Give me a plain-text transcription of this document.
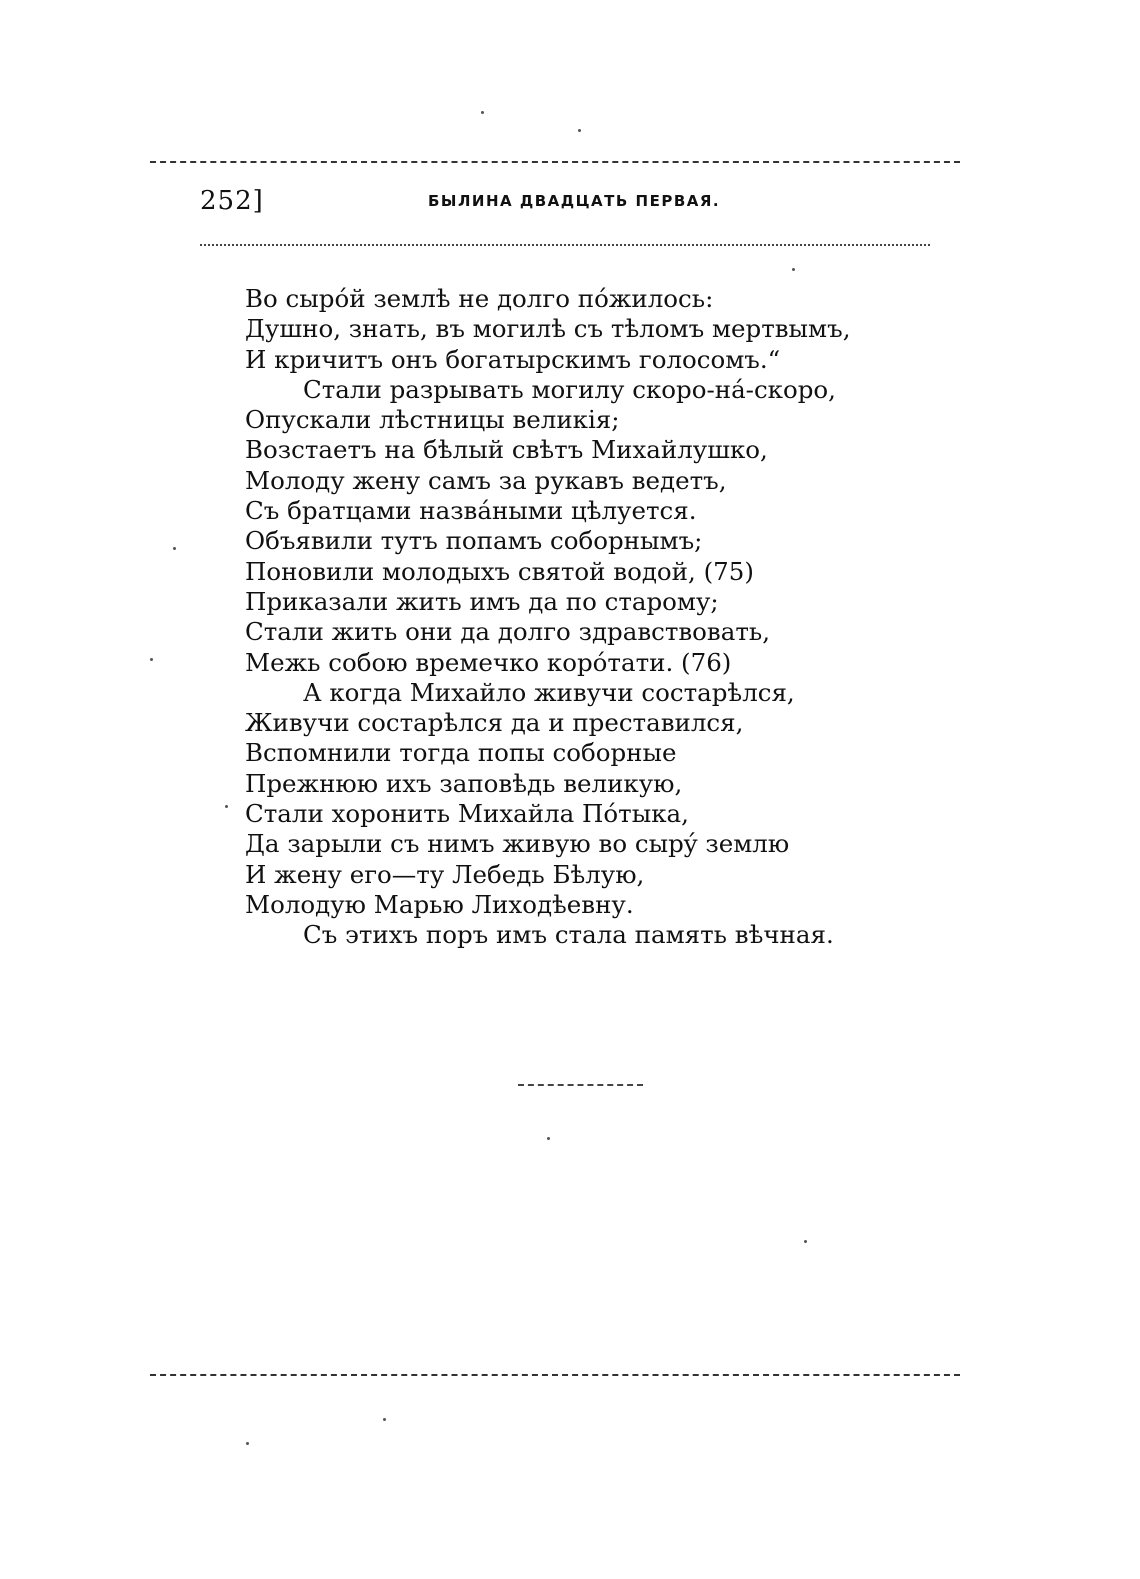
252]	БЫЛИНА ДВАДЦАТЬ ПЕРВАЯ.
Во сырóй землѣ не долго пóжилось:
Душно, знать, въ могилѣ съ тѣломъ мертвымъ,
И кричитъ онъ богатырскимъ голосомъ.“
Стали разрывать могилу скоро-нá-скоро,
Опускали лѣстницы великія;
Возстаетъ на бѣлый свѣтъ Михайлушко,
Молоду жену самъ за рукавъ ведетъ,
Съ братцами назвáными цѣлуется.
Объявили тутъ попамъ соборнымъ;
Поновили молодыхъ святой водой, (75)
Приказали жить имъ да по старому;
Стали жить они да долго здравствовать,
Межь собою времечко корóтати. (76)
А когда Михайло живучи состарѣлся,
Живучи состарѣлся да и преставился,
Вспомнили тогда попы соборные
Прежнюю ихъ заповѣдь великую,
Стали хоронить Михайла Пóтыка,
Да зарыли съ нимъ живую во сырý землю
И жену его—ту Лебедь Бѣлую,
Молодую Марью Лиходѣевну.
Съ этихъ поръ имъ стала память вѣчная.
